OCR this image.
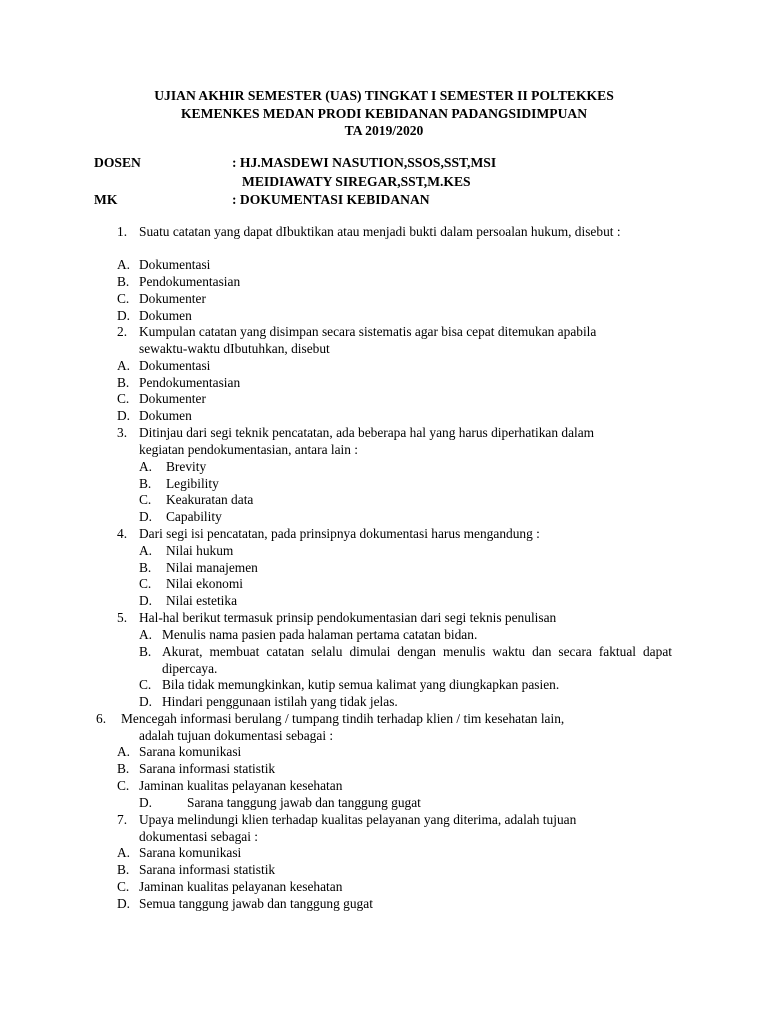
UJIAN AKHIR SEMESTER (UAS) TINGKAT I SEMESTER II POLTEKKES
KEMENKES MEDAN PRODI KEBIDANAN PADANGSIDIMPUAN
TA 2019/2020
DOSEN	: HJ.MASDEWI NASUTION,SSOS,SST,MSI
MEIDIAWATY SIREGAR,SST,M.KES
MK	: DOKUMENTASI KEBIDANAN
1. Suatu catatan yang dapat dIbuktikan atau menjadi bukti dalam persoalan hukum, disebut :
A. Dokumentasi
B. Pendokumentasian
C. Dokumenter
D. Dokumen
2. Kumpulan catatan yang disimpan secara sistematis agar bisa cepat ditemukan apabila
sewaktu-waktu dIbutuhkan, disebut
A. Dokumentasi
B. Pendokumentasian
C. Dokumenter
D. Dokumen
3. Ditinjau dari segi teknik pencatatan, ada beberapa hal yang harus diperhatikan dalam
kegiatan pendokumentasian, antara lain :
A. Brevity
B. Legibility
C. Keakuratan data
D. Capability
4. Dari segi isi pencatatan, pada prinsipnya dokumentasi harus mengandung :
A. Nilai hukum
B. Nilai manajemen
C. Nilai ekonomi
D. Nilai estetika
5. Hal-hal berikut termasuk prinsip pendokumentasian dari segi teknis penulisan
A. Menulis nama pasien pada halaman pertama catatan bidan.
B. Akurat, membuat catatan selalu dimulai dengan menulis waktu dan secara faktual dapat dipercaya.
C. Bila tidak memungkinkan, kutip semua kalimat yang diungkapkan pasien.
D. Hindari penggunaan istilah yang tidak jelas.
6. Mencegah informasi berulang / tumpang tindih terhadap klien / tim kesehatan lain,
adalah tujuan dokumentasi sebagai :
A. Sarana komunikasi
B. Sarana informasi statistik
C. Jaminan kualitas pelayanan kesehatan
D.	Sarana tanggung jawab dan tanggung gugat
7. Upaya melindungi klien terhadap kualitas pelayanan yang diterima, adalah tujuan
dokumentasi sebagai :
A. Sarana komunikasi
B. Sarana informasi statistik
C. Jaminan kualitas pelayanan kesehatan
D. Semua tanggung jawab dan tanggung gugat
